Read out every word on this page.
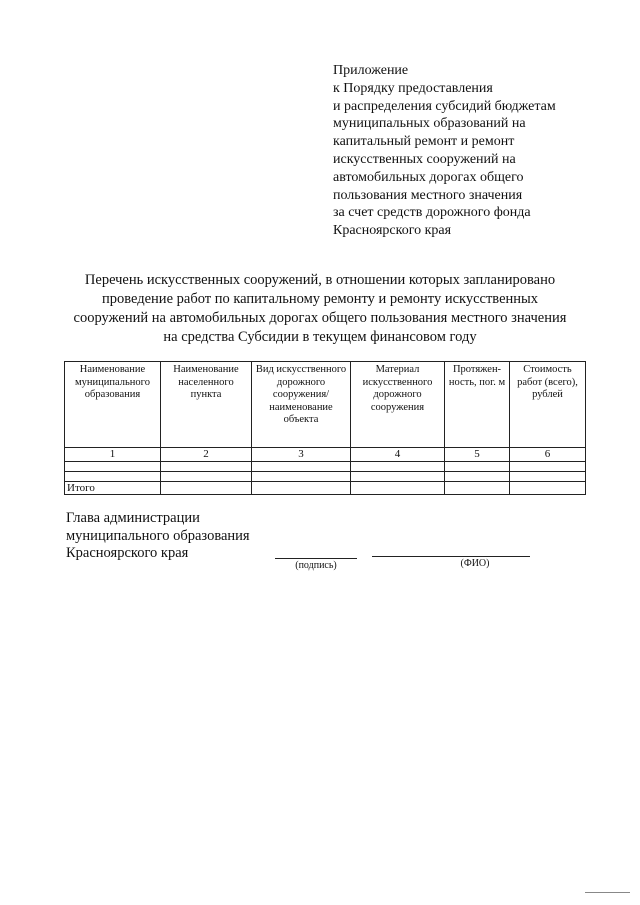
Приложение
к Порядку предоставления
и распределения субсидий бюджетам
муниципальных образований на
капитальный ремонт и ремонт
искусственных сооружений на
автомобильных дорогах общего
пользования местного значения
за счет средств дорожного фонда
Красноярского края
Перечень искусственных сооружений, в отношении которых запланировано
проведение работ по капитальному ремонту и ремонту искусственных
сооружений на автомобильных дорогах общего пользования местного значения
на средства Субсидии в текущем финансовом году
Наименование муниципального образования	Наименование населенного пункта	Вид искусственного дорожного сооружения/ наименование объекта	Материал искусственного дорожного сооружения	Протяжен-ность, пог. м	Стоимость работ (всего), рублей
1	2	3	4	5	6

Итого					
Глава администрации
муниципального образования
Красноярского края
(подпись)	(ФИО)
